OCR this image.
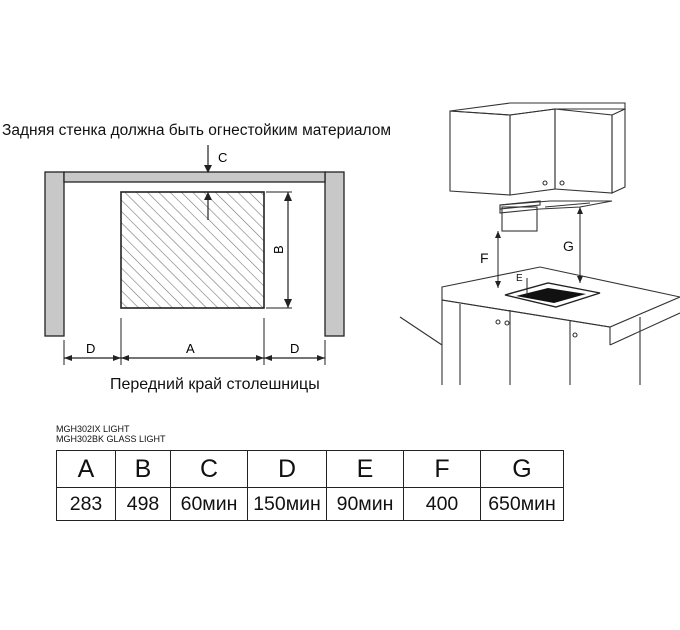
Задняя стенка должна быть огнестойким материалом
C
B
D	A	D
Передний край столешницы
F
G
E
MGH302IX LIGHT
MGH302BK GLASS LIGHT
A	B	C	D	E	F	G
283	498	60мин	150мин	90мин	400	650мин
